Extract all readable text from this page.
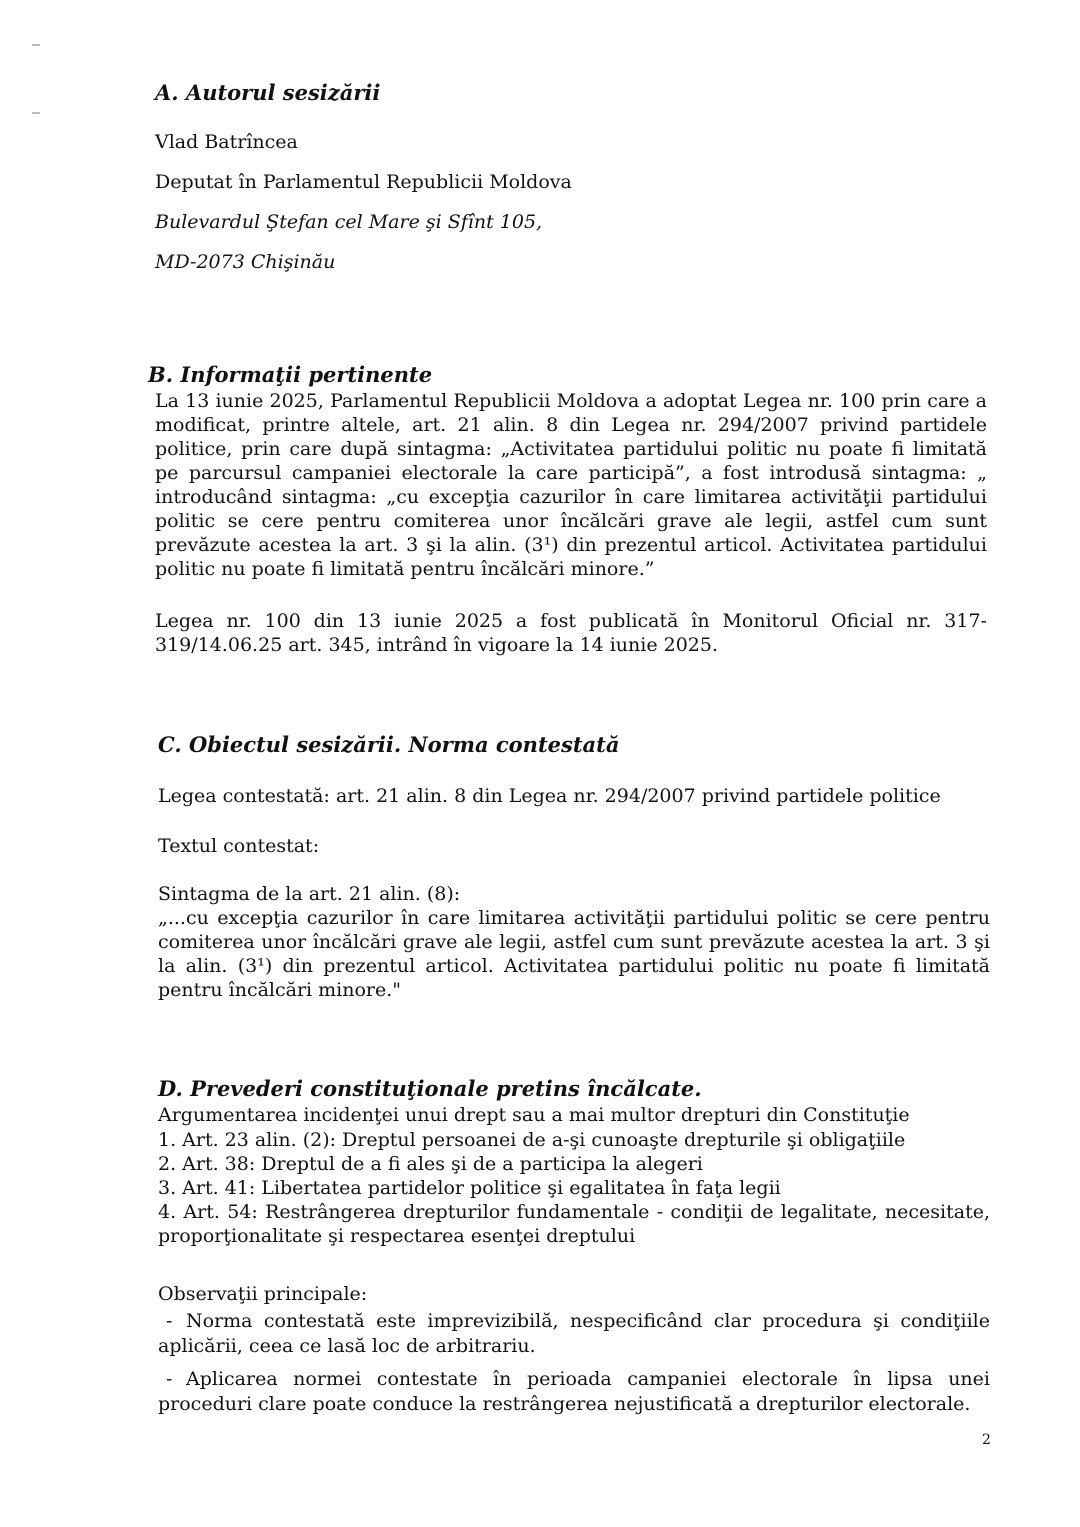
A. Autorul sesizării

Vlad Batrîncea

Deputat în Parlamentul Republicii Moldova

Bulevardul Ştefan cel Mare şi Sfînt 105,

MD-2073 Chişinău

B. Informaţii pertinente

La 13 iunie 2025, Parlamentul Republicii Moldova a adoptat Legea nr. 100 prin care a modificat, printre altele, art. 21 alin. 8 din Legea nr. 294/2007 privind partidele politice, prin care după sintagma: „Activitatea partidului politic nu poate fi limitată pe parcursul campaniei electorale la care participă”, a fost introdusă sintagma: „ introducând sintagma: „cu excepţia cazurilor în care limitarea activităţii partidului politic se cere pentru comiterea unor încălcări grave ale legii, astfel cum sunt prevăzute acestea la art. 3 şi la alin. (3¹) din prezentul articol. Activitatea partidului politic nu poate fi limitată pentru încălcări minore.”

Legea nr. 100 din 13 iunie 2025 a fost publicată în Monitorul Oficial nr. 317-319/14.06.25 art. 345, intrând în vigoare la 14 iunie 2025.

C. Obiectul sesizării. Norma contestată

Legea contestată: art. 21 alin. 8 din Legea nr. 294/2007 privind partidele politice

Textul contestat:

Sintagma de la art. 21 alin. (8):

„...cu excepţia cazurilor în care limitarea activităţii partidului politic se cere pentru comiterea unor încălcări grave ale legii, astfel cum sunt prevăzute acestea la art. 3 şi la alin. (3¹) din prezentul articol. Activitatea partidului politic nu poate fi limitată pentru încălcări minore."

D. Prevederi constituţionale pretins încălcate.

Argumentarea incidenţei unui drept sau a mai multor drepturi din Constituţie

1. Art. 23 alin. (2): Dreptul persoanei de a-şi cunoaşte drepturile şi obligaţiile
2. Art. 38: Dreptul de a fi ales şi de a participa la alegeri
3. Art. 41: Libertatea partidelor politice şi egalitatea în faţa legii
4. Art. 54: Restrângerea drepturilor fundamentale - condiţii de legalitate, necesitate, proporţionalitate şi respectarea esenţei dreptului

Observaţii principale:

- Norma contestată este imprevizibilă, nespecificând clar procedura şi condiţiile aplicării, ceea ce lasă loc de arbitrariu.

- Aplicarea normei contestate în perioada campaniei electorale în lipsa unei proceduri clare poate conduce la restrângerea nejustificată a drepturilor electorale.

2
